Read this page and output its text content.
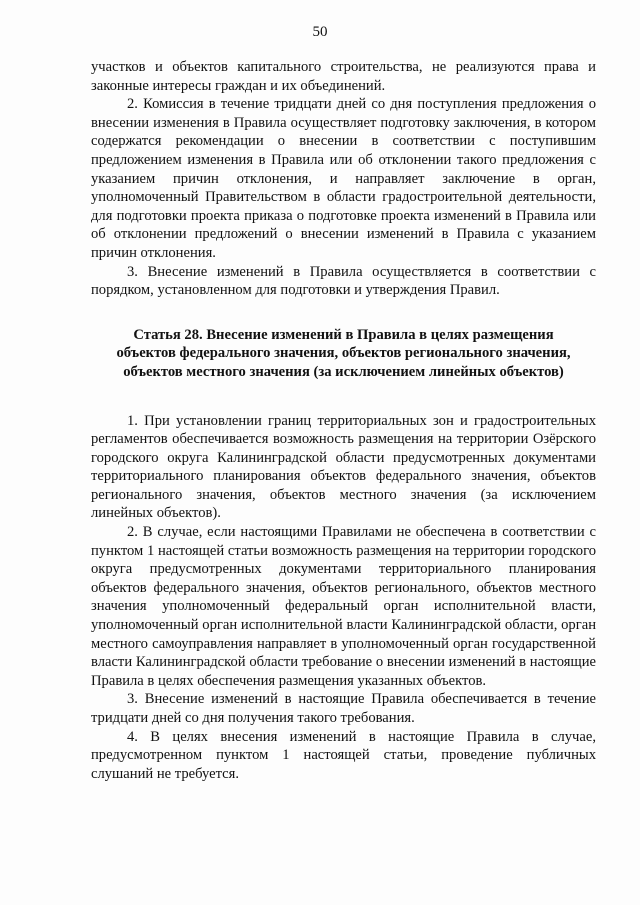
50

участков и объектов капитального строительства, не реализуются права и законные интересы граждан и их объединений.

2. Комиссия в течение тридцати дней со дня поступления предложения о внесении изменения в Правила осуществляет подготовку заключения, в котором содержатся рекомендации о внесении в соответствии с поступившим предложением изменения в Правила или об отклонении такого предложения с указанием причин отклонения, и направляет заключение в орган, уполномоченный Правительством в области градостроительной деятельности, для подготовки проекта приказа о подготовке проекта изменений в Правила или об отклонении предложений о внесении изменений в Правила с указанием причин отклонения.

3. Внесение изменений в Правила осуществляется в соответствии с порядком, установленном для подготовки и утверждения Правил.

Статья 28. Внесение изменений в Правила в целях размещения
объектов федерального значения, объектов регионального значения,
объектов местного значения (за исключением линейных объектов)

1. При установлении границ территориальных зон и градостроительных регламентов обеспечивается возможность размещения на территории Озёрского городского округа Калининградской области предусмотренных документами территориального планирования объектов федерального значения, объектов регионального значения, объектов местного значения (за исключением линейных объектов).

2. В случае, если настоящими Правилами не обеспечена в соответствии с пунктом 1 настоящей статьи возможность размещения на территории городского округа предусмотренных документами территориального планирования объектов федерального значения, объектов регионального, объектов местного значения уполномоченный федеральный орган исполнительной власти, уполномоченный орган исполнительной власти Калининградской области, орган местного самоуправления направляет в уполномоченный орган государственной власти Калининградской области требование о внесении изменений в настоящие Правила в целях обеспечения размещения указанных объектов.

3. Внесение изменений в настоящие Правила обеспечивается в течение тридцати дней со дня получения такого требования.

4. В целях внесения изменений в настоящие Правила в случае, предусмотренном пунктом 1 настоящей статьи, проведение публичных слушаний не требуется.
